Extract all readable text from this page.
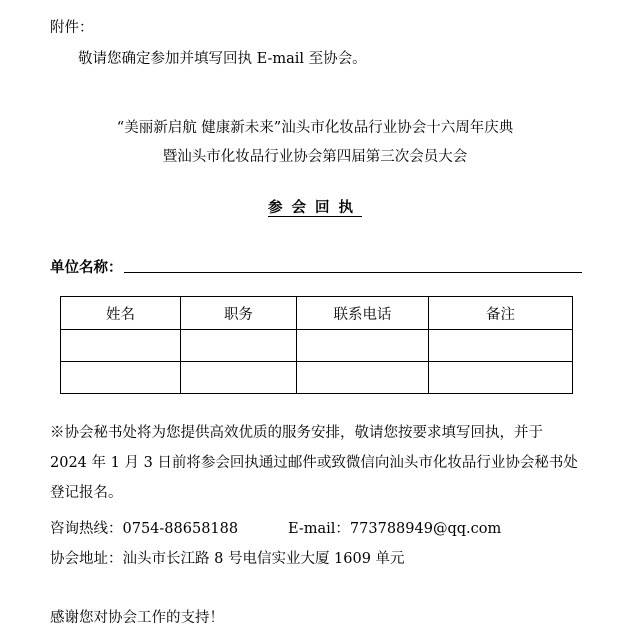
附件：
敬请您确定参加并填写回执 E-mail 至协会。
“美丽新启航 健康新未来”汕头市化妆品行业协会十六周年庆典
暨汕头市化妆品行业协会第四届第三次会员大会
参会回执
单位名称：
姓名	职务	联系电话	备注

※协会秘书处将为您提供高效优质的服务安排，敬请您按要求填写回执，并于
2024 年 1 月 3 日前将参会回执通过邮件或致微信向汕头市化妆品行业协会秘书处
登记报名。
咨询热线：0754-88658188	E-mail：773788949@qq.com
协会地址：汕头市长江路 8 号电信实业大厦 1609 单元
感谢您对协会工作的支持！
